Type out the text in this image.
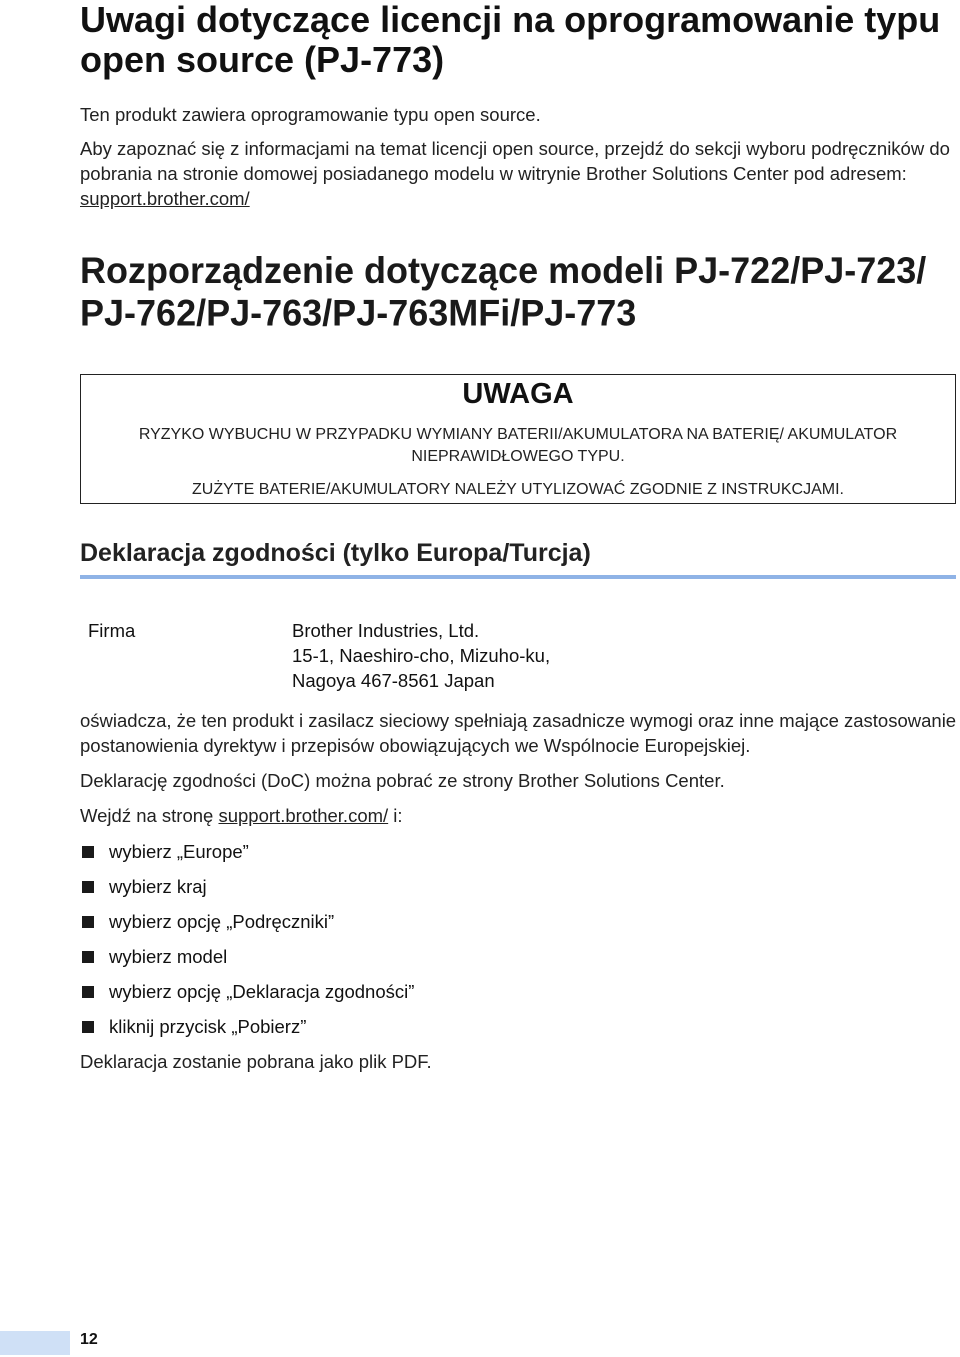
Uwagi dotyczące licencji na oprogramowanie typu open source (PJ-773)

Ten produkt zawiera oprogramowanie typu open source.

Aby zapoznać się z informacjami na temat licencji open source, przejdź do sekcji wyboru podręczników do pobrania na stronie domowej posiadanego modelu w witrynie Brother Solutions Center pod adresem: support.brother.com/

Rozporządzenie dotyczące modeli PJ-722/PJ-723/ PJ-762/PJ-763/PJ-763MFi/PJ-773
UWAGA

RYZYKO WYBUCHU W PRZYPADKU WYMIANY BATERII/AKUMULATORA NA BATERIĘ/ AKUMULATOR NIEPRAWIDŁOWEGO TYPU.

ZUŻYTE BATERIE/AKUMULATORY NALEŻY UTYLIZOWAĆ ZGODNIE Z INSTRUKCJAMI.

Deklaracja zgodności (tylko Europa/Turcja)
Firma	Brother Industries, Ltd.
15-1, Naeshiro-cho, Mizuho-ku,
Nagoya 467-8561 Japan

oświadcza, że ten produkt i zasilacz sieciowy spełniają zasadnicze wymogi oraz inne mające zastosowanie postanowienia dyrektyw i przepisów obowiązujących we Wspólnocie Europejskiej.

Deklarację zgodności (DoC) można pobrać ze strony Brother Solutions Center.

Wejdź na stronę support.brother.com/ i:

wybierz „Europe”
wybierz kraj
wybierz opcję „Podręczniki”
wybierz model
wybierz opcję „Deklaracja zgodności”
kliknij przycisk „Pobierz”

Deklaracja zostanie pobrana jako plik PDF.

12
